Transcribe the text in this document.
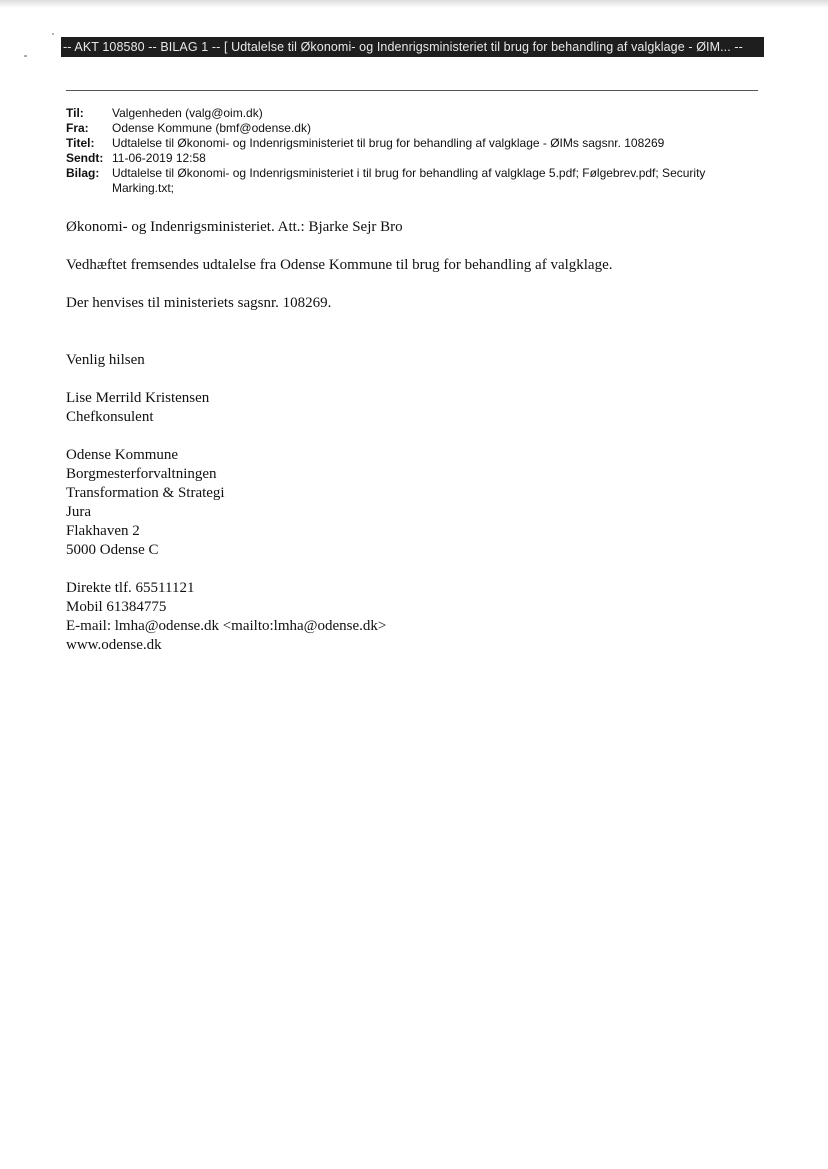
-- AKT 108580 -- BILAG 1 -- [ Udtalelse til Økonomi- og Indenrigsministeriet til brug for behandling af valgklage - ØIM... --
Til:	Valgenheden (valg@oim.dk)
Fra:	Odense Kommune (bmf@odense.dk)
Titel:	Udtalelse til Økonomi- og Indenrigsministeriet til brug for behandling af valgklage - ØIMs sagsnr. 108269
Sendt: 11-06-2019 12:58
Bilag:	Udtalelse til Økonomi- og Indenrigsministeriet i til brug for behandling af valgklage 5.pdf; Følgebrev.pdf; Security Marking.txt;

Økonomi- og Indenrigsministeriet. Att.: Bjarke Sejr Bro

Vedhæftet fremsendes udtalelse fra Odense Kommune til brug for behandling af valgklage.

Der henvises til ministeriets sagsnr. 108269.

Venlig hilsen

Lise Merrild Kristensen

Chefkonsulent

Odense Kommune

Borgmesterforvaltningen

Transformation & Strategi

Jura

Flakhaven 2

5000 Odense C

Direkte tlf. 65511121

Mobil 61384775

E-mail: lmha@odense.dk <mailto:lmha@odense.dk>

www.odense.dk
